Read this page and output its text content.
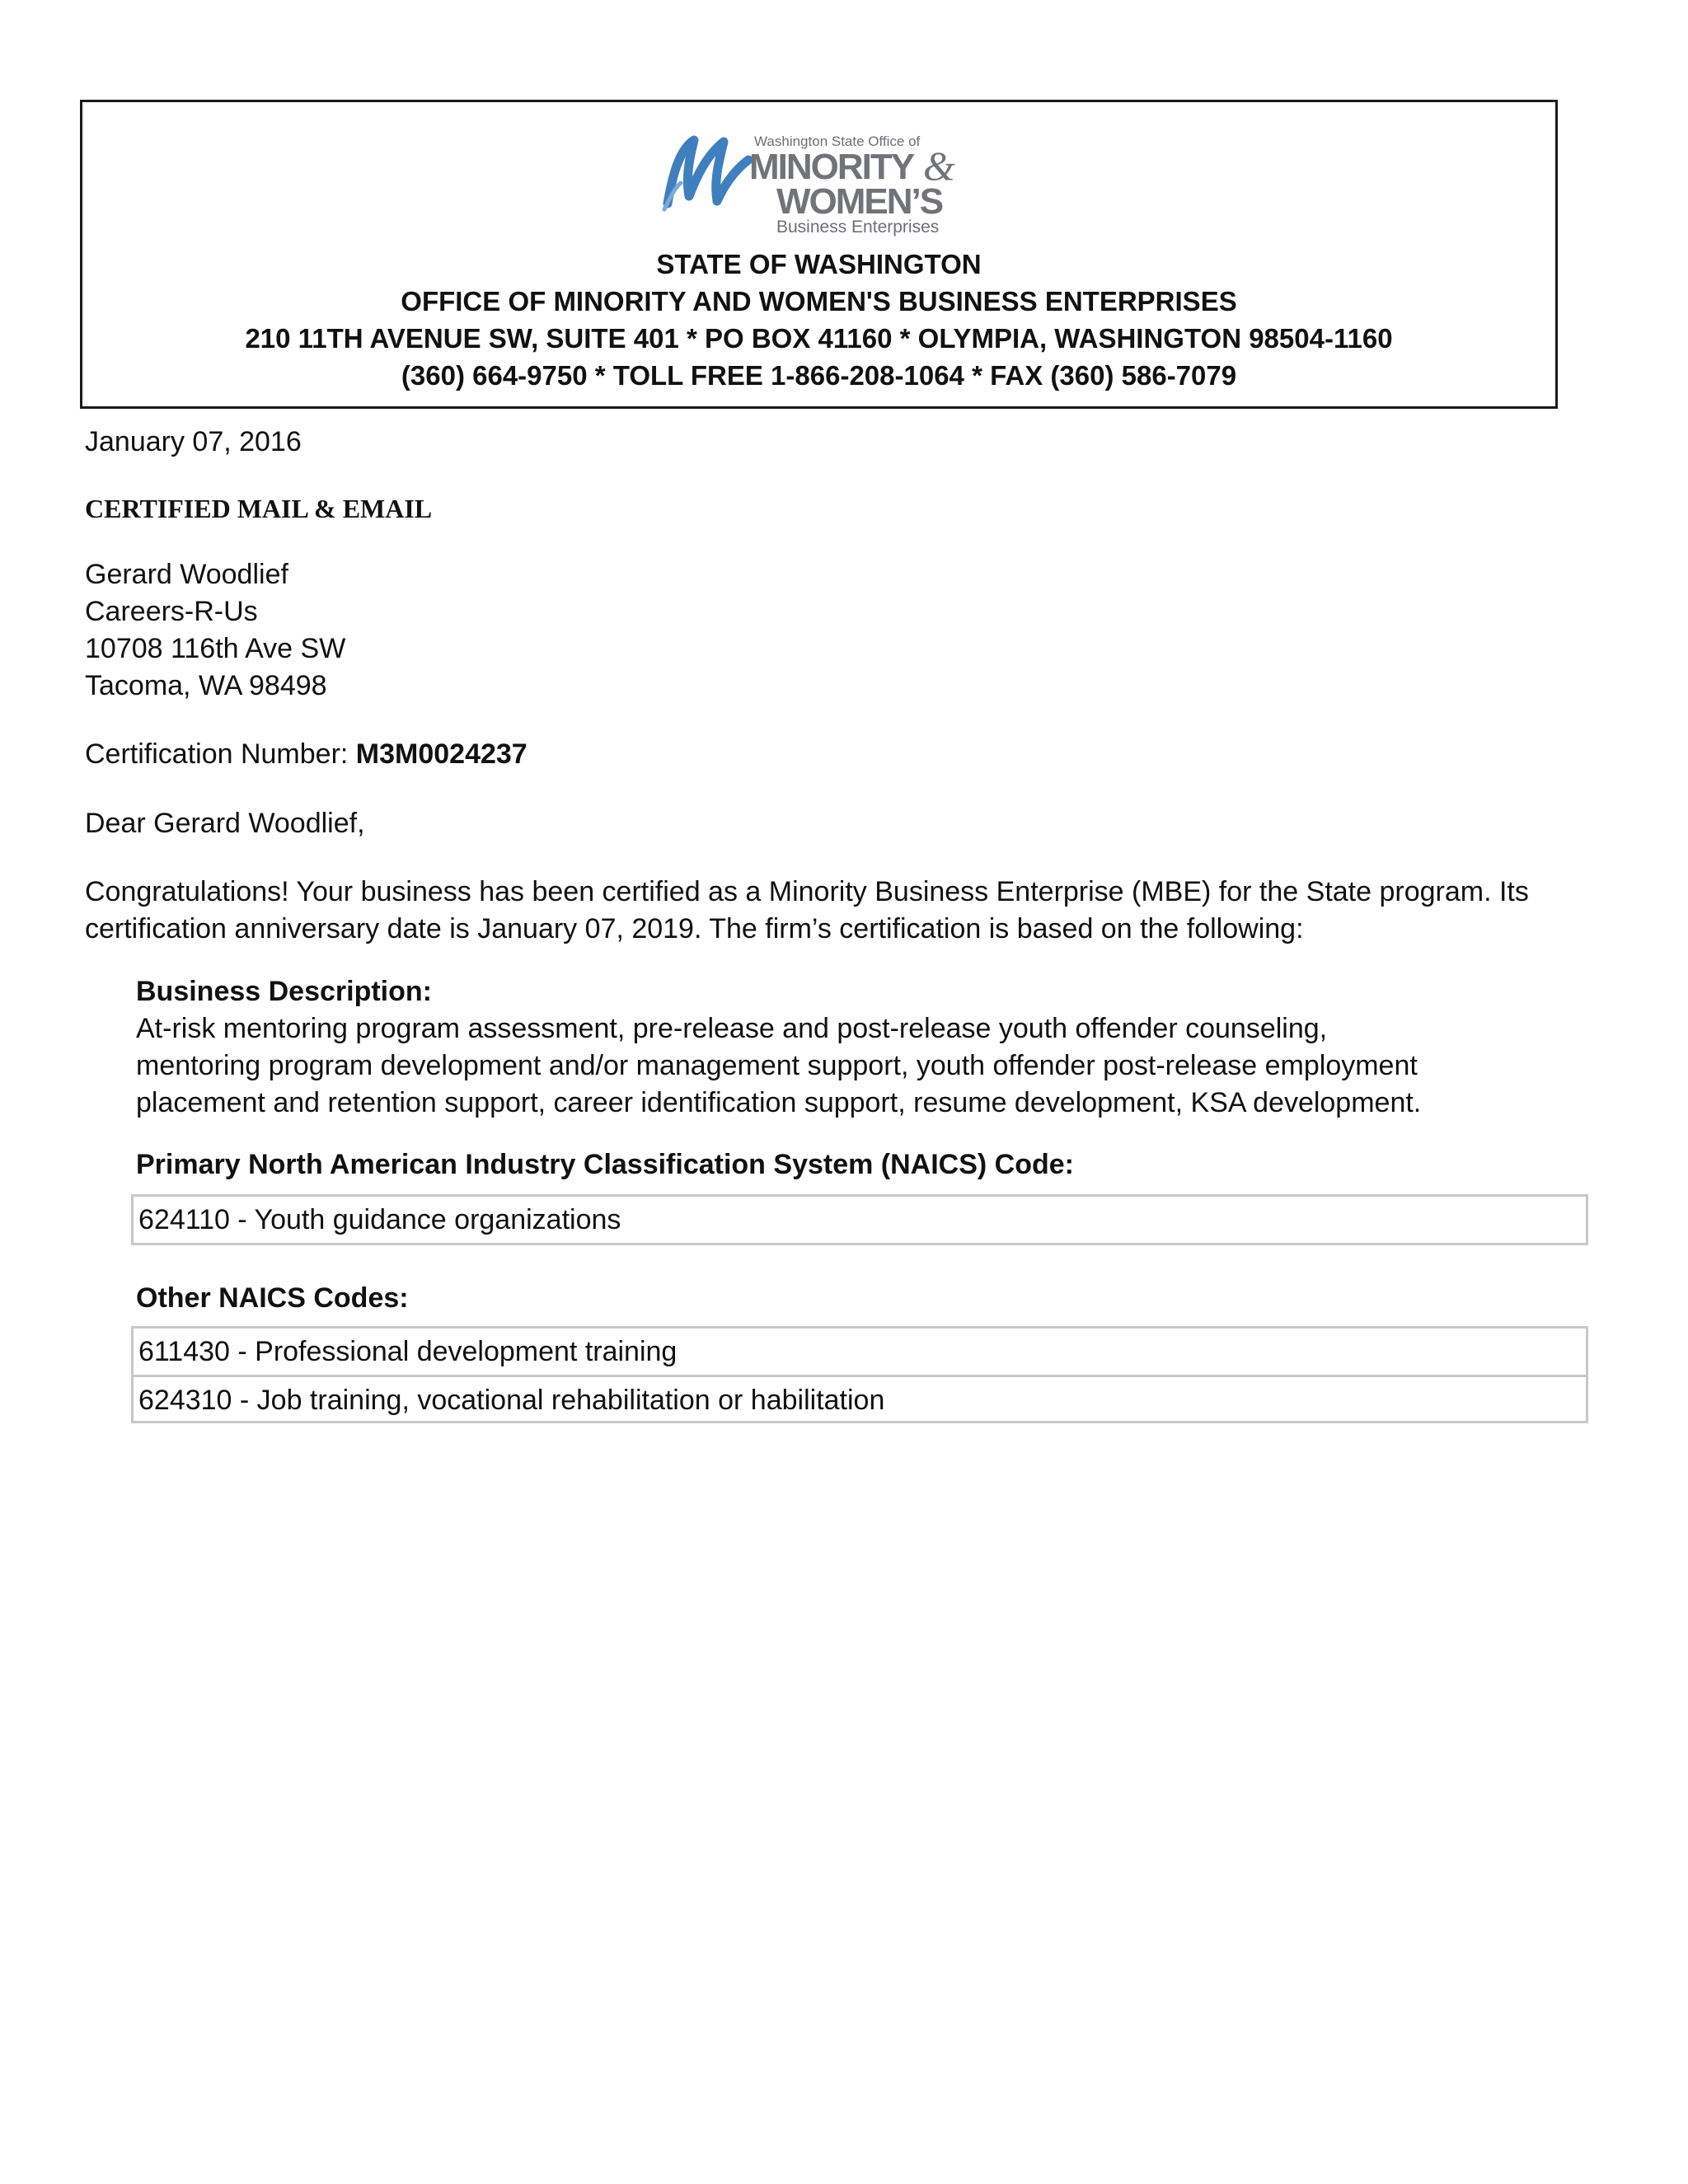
Washington State Office of
MINORITY &
WOMEN’S
Business Enterprises
STATE OF WASHINGTON
OFFICE OF MINORITY AND WOMEN'S BUSINESS ENTERPRISES
210 11TH AVENUE SW, SUITE 401 * PO BOX 41160 * OLYMPIA, WASHINGTON 98504-1160
(360) 664-9750 * TOLL FREE 1-866-208-1064 * FAX (360) 586-7079
January 07, 2016
CERTIFIED MAIL & EMAIL
Gerard Woodlief
Careers-R-Us
10708 116th Ave SW
Tacoma, WA 98498
Certification Number: M3M0024237
Dear Gerard Woodlief,
Congratulations! Your business has been certified as a Minority Business Enterprise (MBE) for the State program. Its
certification anniversary date is January 07, 2019. The firm’s certification is based on the following:
Business Description:
At-risk mentoring program assessment, pre-release and post-release youth offender counseling,
mentoring program development and/or management support, youth offender post-release employment
placement and retention support, career identification support, resume development, KSA development.
Primary North American Industry Classification System (NAICS) Code:
624110 - Youth guidance organizations
Other NAICS Codes:
611430 - Professional development training
624310 - Job training, vocational rehabilitation or habilitation
